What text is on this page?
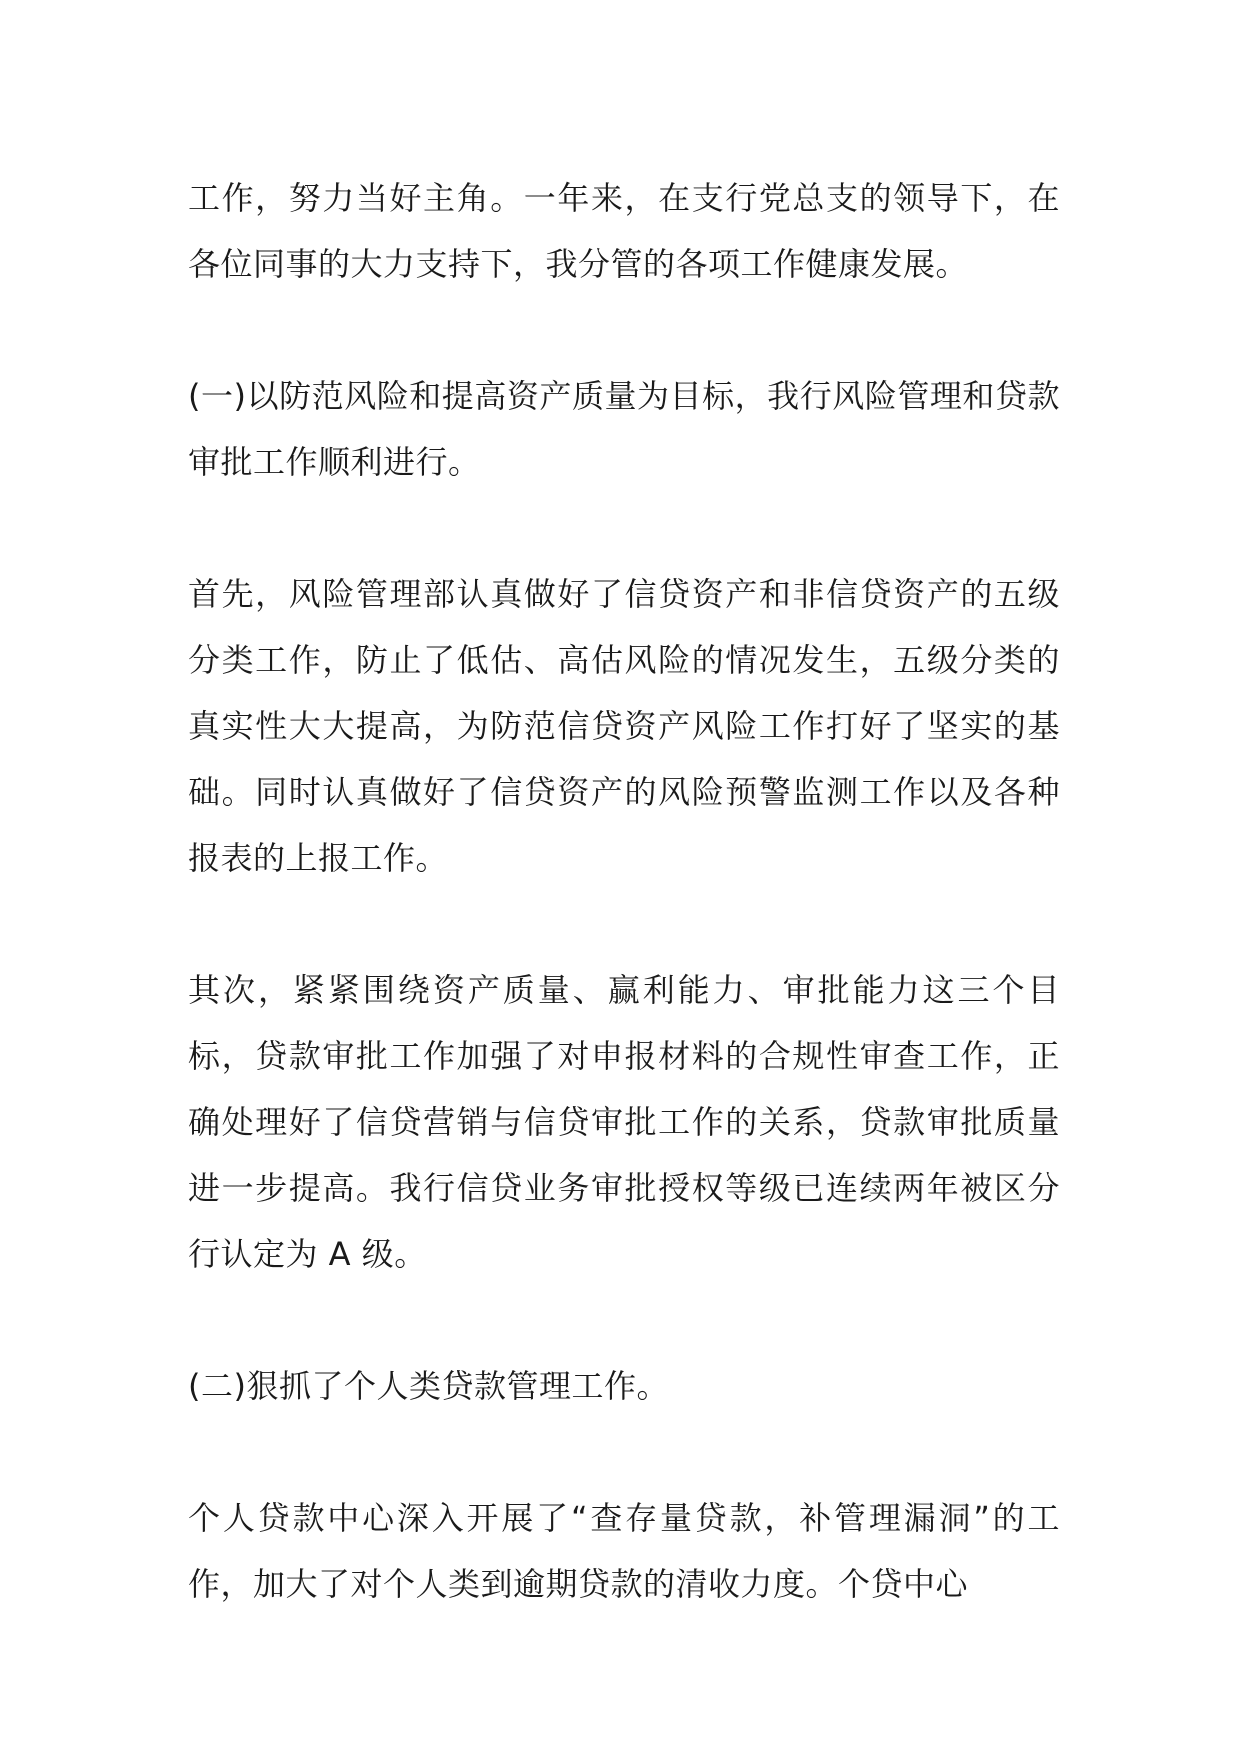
工作，努力当好主角。一年来，在支行党总支的领导下，在各位同事的大力支持下，我分管的各项工作健康发展。

(一)以防范风险和提高资产质量为目标，我行风险管理和贷款审批工作顺利进行。

首先，风险管理部认真做好了信贷资产和非信贷资产的五级分类工作，防止了低估、高估风险的情况发生，五级分类的真实性大大提高，为防范信贷资产风险工作打好了坚实的基础。同时认真做好了信贷资产的风险预警监测工作以及各种报表的上报工作。

其次，紧紧围绕资产质量、赢利能力、审批能力这三个目标，贷款审批工作加强了对申报材料的合规性审查工作，正确处理好了信贷营销与信贷审批工作的关系，贷款审批质量进一步提高。我行信贷业务审批授权等级已连续两年被区分行认定为 A 级。

(二)狠抓了个人类贷款管理工作。

个人贷款中心深入开展了“查存量贷款，补管理漏洞”的工作，加大了对个人类到逾期贷款的清收力度。个贷中心
